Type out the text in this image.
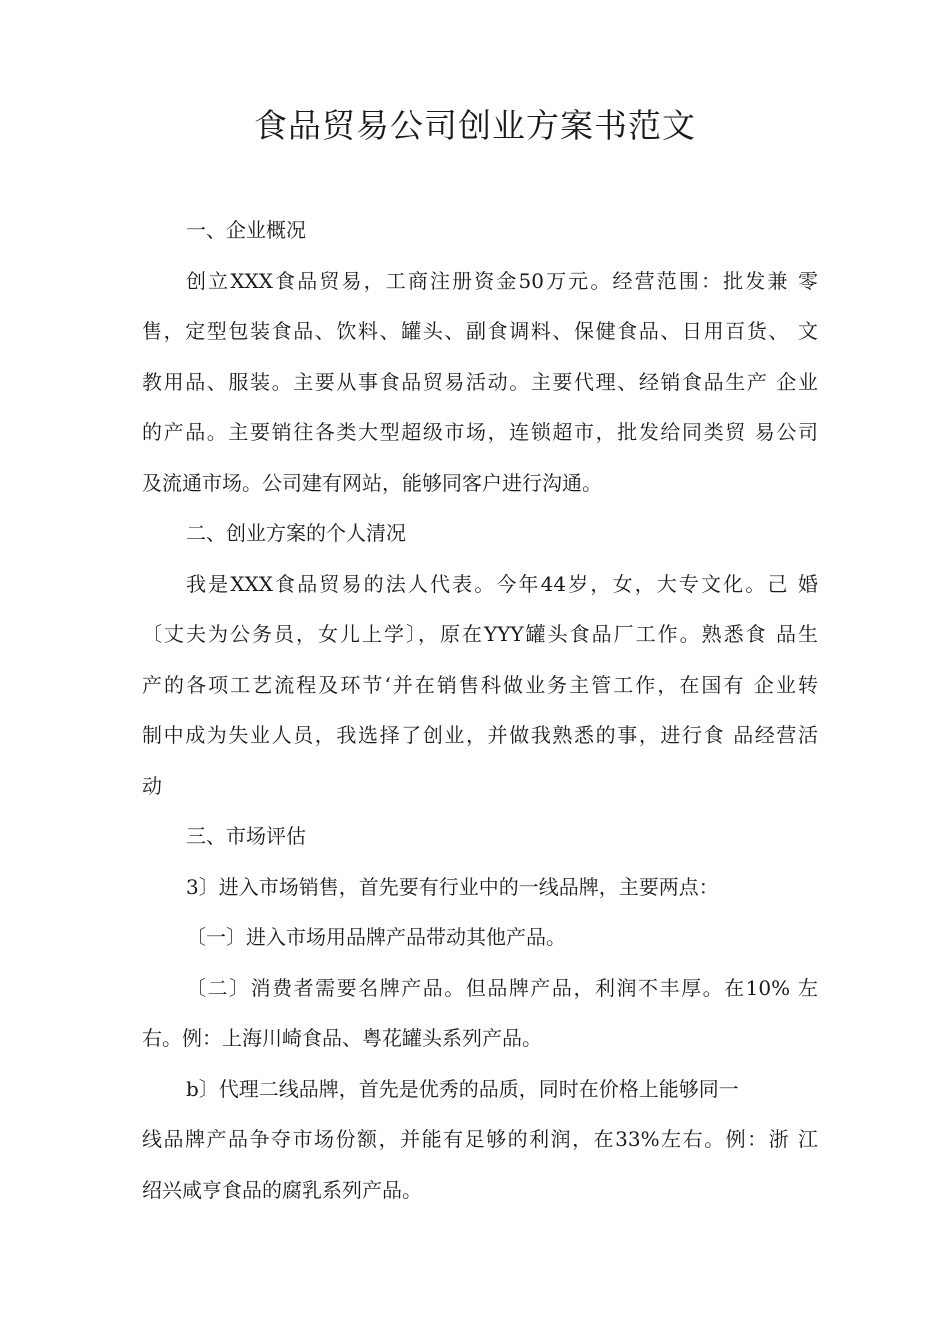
食品贸易公司创业方案书范文

一、企业概况

创立XXX食品贸易，工商注册资金50万元。经营范围：批发兼 零
售，定型包装食品、饮料、罐头、副食调料、保健食品、日用百货、 文
教用品、服装。主要从事食品贸易活动。主要代理、经销食品生产 企业
的产品。主要销往各类大型超级市场，连锁超市，批发给同类贸 易公司
及流通市场。公司建有网站，能够同客户进行沟通。

二、创业方案的个人清况

我是XXX食品贸易的法人代表。今年44岁，女，大专文化。己 婚
〔丈夫为公务员，女儿上学〕，原在YYY罐头食品厂工作。熟悉食 品生
产的各项工艺流程及环节‘并在销售科做业务主管工作，在国有 企业转
制中成为失业人员，我选择了创业，并做我熟悉的事，进行食 品经营活
动

三、市场评估

3〕进入市场销售，首先要有行业中的一线品牌，主要两点：
〔一〕进入市场用品牌产品带动其他产品。
〔二〕消费者需要名牌产品。但品牌产品，利润不丰厚。在10% 左
右。例：上海川崎食品、粤花罐头系列产品。
b〕代理二线品牌，首先是优秀的品质，同时在价格上能够同一
线品牌产品争夺市场份额，并能有足够的利润，在33%左右。例：浙 江
绍兴咸亨食品的腐乳系列产品。
